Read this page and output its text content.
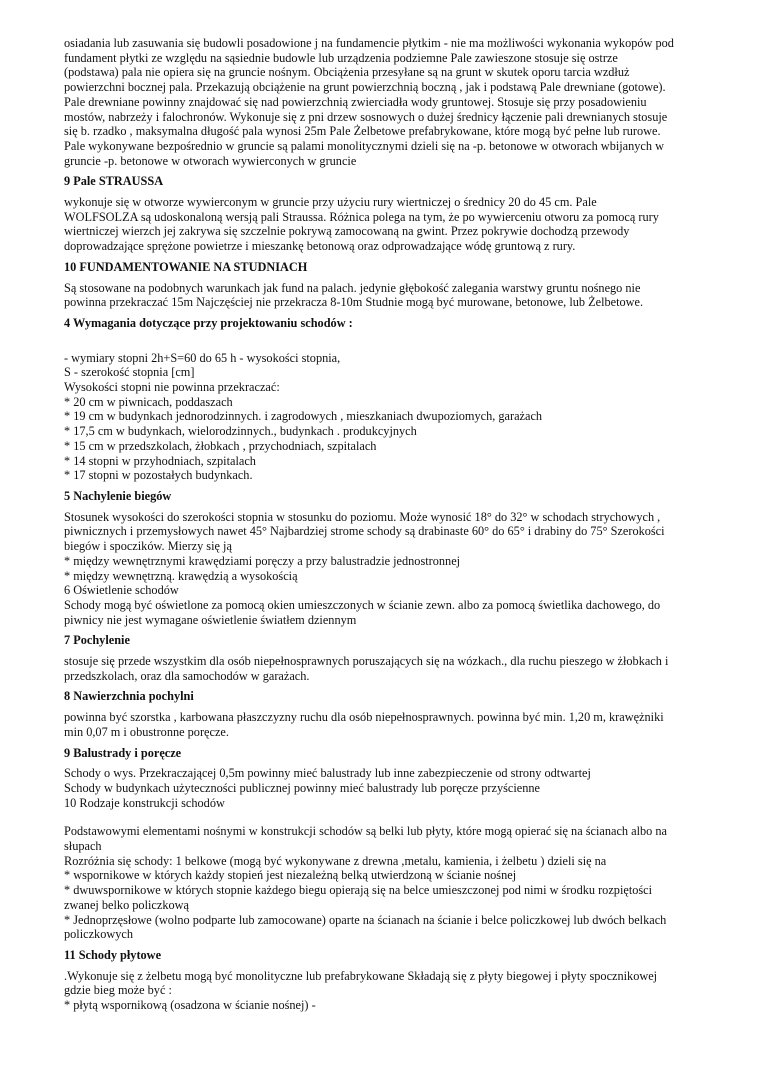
osiadania lub zasuwania się budowli posadowione j na fundamencie płytkim - nie ma możliwości wykonania wykopów pod
fundament płytki ze względu na sąsiednie budowle lub urządzenia podziemne Pale zawieszone stosuje się ostrze
(podstawa) pala nie opiera się na gruncie nośnym. Obciążenia przesyłane są na grunt w skutek oporu tarcia wzdłuż
powierzchni bocznej pala. Przekazują obciążenie na grunt powierzchnią boczną , jak i podstawą Pale drewniane (gotowe).
Pale drewniane powinny znajdować się nad powierzchnią zwierciadła wody gruntowej. Stosuje się przy posadowieniu
mostów, nabrzeży i falochronów. Wykonuje się z pni drzew sosnowych o dużej średnicy łączenie pali drewnianych stosuje
się b. rzadko , maksymalna długość pala wynosi 25m Pale Żelbetowe prefabrykowane, które mogą być pełne lub rurowe.
Pale wykonywane bezpośrednio w gruncie są palami monolitycznymi dzieli się na -p. betonowe w otworach wbijanych w
gruncie -p. betonowe w otworach wywierconych w gruncie
9 Pale STRAUSSA
wykonuje się w otworze wywierconym w gruncie przy użyciu rury wiertniczej o średnicy 20 do 45 cm. Pale
WOLFSOLZA są udoskonaloną wersją pali Straussa. Różnica polega na tym, że po wywierceniu otworu za pomocą rury
wiertniczej wierzch jej zakrywa się szczelnie pokrywą zamocowaną na gwint. Przez pokrywie dochodzą przewody
doprowadzające sprężone powietrze i mieszankę betonową oraz odprowadzające wódę gruntową z rury.
10 FUNDAMENTOWANIE NA STUDNIACH
Są stosowane na podobnych warunkach jak fund na palach. jedynie głębokość zalegania warstwy gruntu nośnego nie
powinna przekraczać 15m Najczęściej nie przekracza 8-10m Studnie mogą być murowane, betonowe, lub Żelbetowe.
4 Wymagania dotyczące przy projektowaniu schodów :
- wymiary stopni 2h+S=60 do 65 h - wysokości stopnia,
S - szerokość stopnia [cm]
Wysokości stopni nie powinna przekraczać:
* 20 cm w piwnicach, poddaszach
* 19 cm w budynkach jednorodzinnych. i zagrodowych , mieszkaniach dwupoziomych, garażach
* 17,5 cm w budynkach, wielorodzinnych., budynkach . produkcyjnych
* 15 cm w przedszkolach, żłobkach , przychodniach, szpitalach
* 14 stopni w przyhodniach, szpitalach
* 17 stopni w pozostałych budynkach.
5 Nachylenie biegów
Stosunek wysokości do szerokości stopnia w stosunku do poziomu. Może wynosić 18° do 32° w schodach strychowych ,
piwnicznych i przemysłowych nawet 45° Najbardziej strome schody są drabinaste 60° do 65° i drabiny do 75° Szerokości
biegów i spoczików. Mierzy się ją
* między wewnętrznymi krawędziami poręczy a przy balustradzie jednostronnej
* między wewnętrzną. krawędzią a wysokością
6 Oświetlenie schodów
Schody mogą być oświetlone za pomocą okien umieszczonych w ścianie zewn. albo za pomocą świetlika dachowego, do
piwnicy nie jest wymagane oświetlenie światłem dziennym
7 Pochylenie
stosuje się przede wszystkim dla osób niepełnosprawnych poruszających się na wózkach., dla ruchu pieszego w żłobkach i
przedszkolach, oraz dla samochodów w garażach.
8 Nawierzchnia pochylni
powinna być szorstka , karbowana płaszczyzny ruchu dla osób niepełnosprawnych. powinna być min. 1,20 m, krawężniki
min 0,07 m i obustronne poręcze.
9 Balustrady i poręcze
Schody o wys. Przekraczającej 0,5m powinny mieć balustrady lub inne zabezpieczenie od strony odtwartej
Schody w budynkach użyteczności publicznej powinny mieć balustrady lub poręcze przyścienne
10 Rodzaje konstrukcji schodów
Podstawowymi elementami nośnymi w konstrukcji schodów są belki lub płyty, które mogą opierać się na ścianach albo na
słupach
Rozróżnia się schody: 1 belkowe (mogą być wykonywane z drewna ,metalu, kamienia, i żelbetu ) dzieli się na
* wspornikowe w których każdy stopień jest niezależną belką utwierdzoną w ścianie nośnej
* dwuwspornikowe w których stopnie każdego biegu opierają się na belce umieszczonej pod nimi w środku rozpiętości
zwanej belko policzkową
* Jednoprzęsłowe (wolno podparte lub zamocowane) oparte na ścianach na ścianie i belce policzkowej lub dwóch belkach
policzkowych
11 Schody płytowe
.Wykonuje się z żelbetu mogą być monolityczne lub prefabrykowane Składają się z płyty biegowej i płyty spocznikowej
gdzie bieg może być :
* płytą wspornikową (osadzona w ścianie nośnej) -
